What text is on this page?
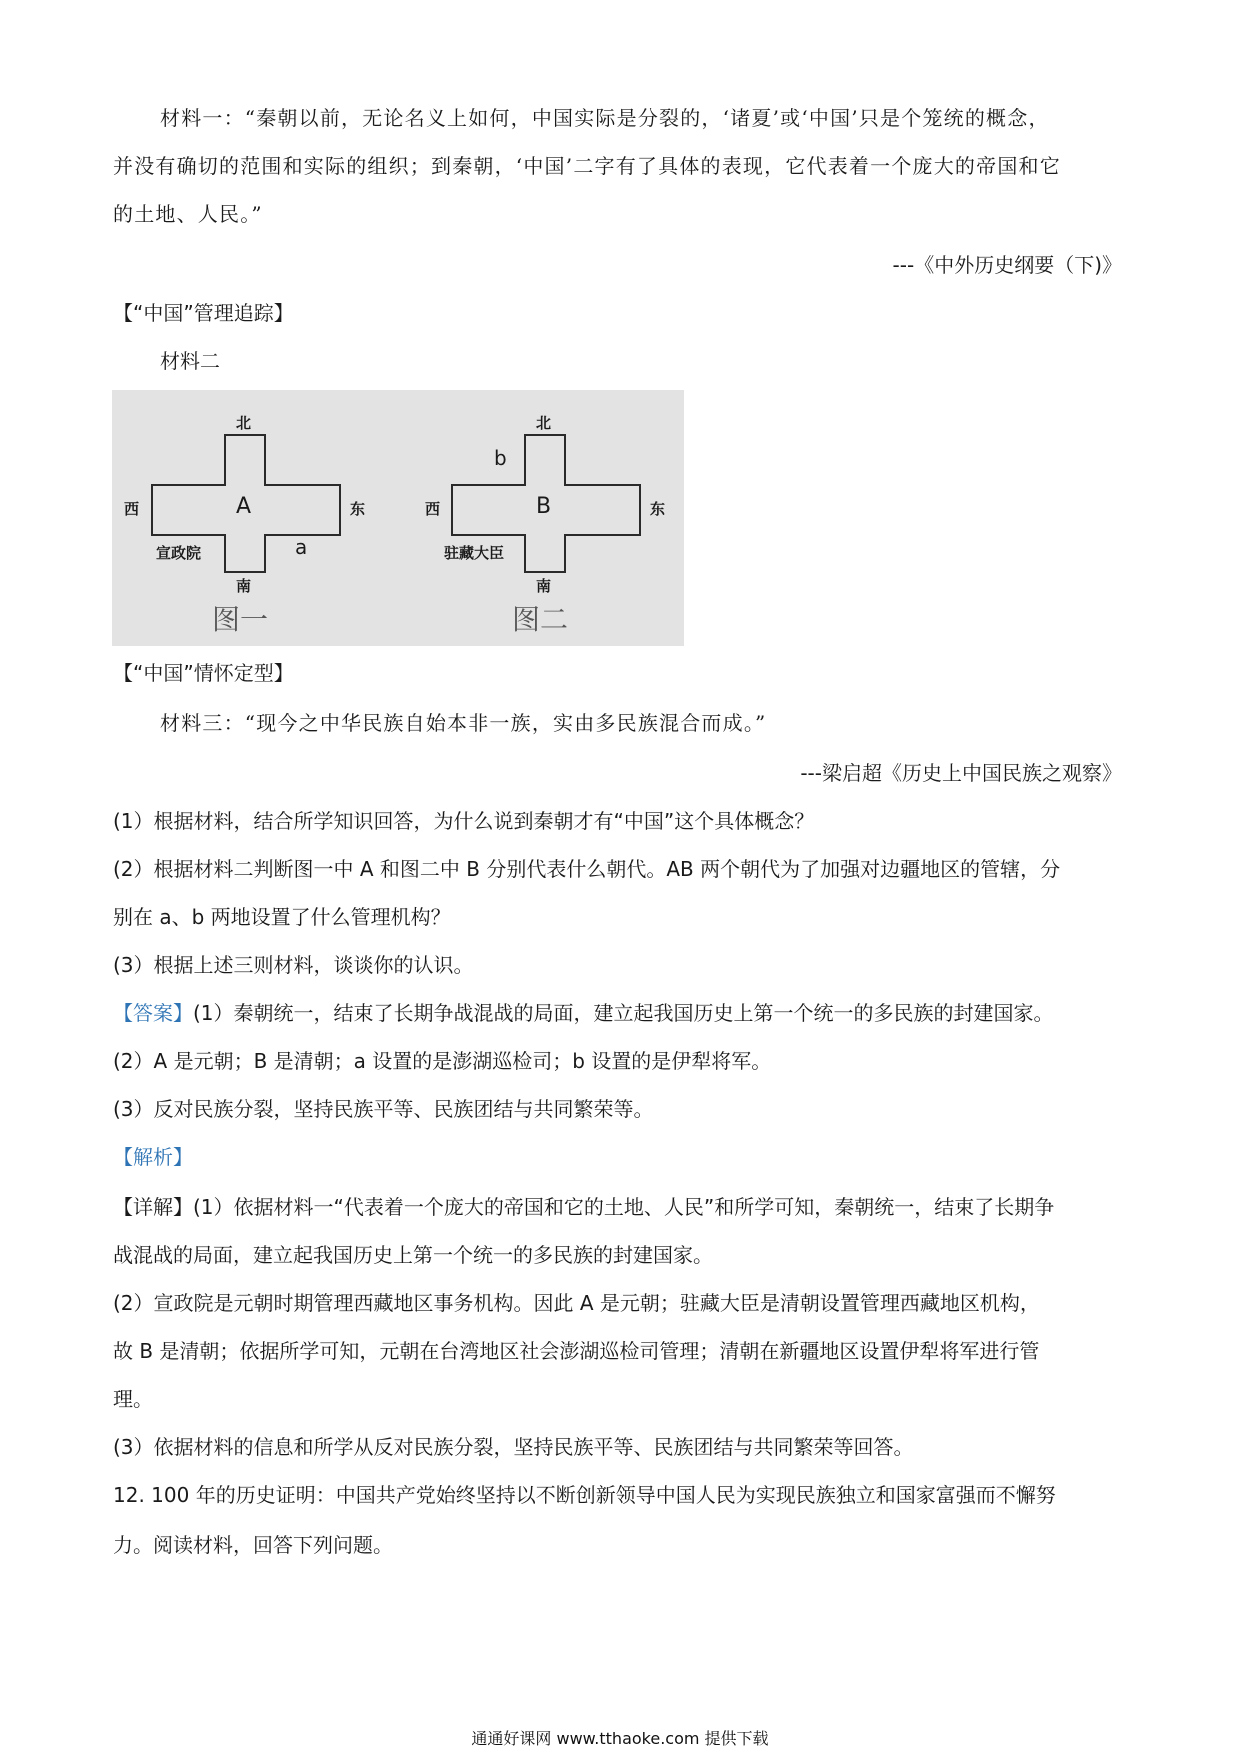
材料一：“秦朝以前，无论名义上如何，中国实际是分裂的，‘诸夏’或‘中国’只是个笼统的概念，
并没有确切的范围和实际的组织；到秦朝，‘中国’二字有了具体的表现，它代表着一个庞大的帝国和它
的土地、人民。”
---《中外历史纲要（下)》
【“中国”管理追踪】
材料二
北
西	东
A
a
宣政院
南
图一
北
b
西	东
B
驻藏大臣
南
图二
【“中国”情怀定型】
材料三：“现今之中华民族自始本非一族，实由多民族混合而成。”
---梁启超《历史上中国民族之观察》
(1）根据材料，结合所学知识回答，为什么说到秦朝才有“中国”这个具体概念？
(2）根据材料二判断图一中 A 和图二中 B 分别代表什么朝代。AB 两个朝代为了加强对边疆地区的管辖，分
别在 a、b 两地设置了什么管理机构？
(3）根据上述三则材料，谈谈你的认识。
【答案】(1）秦朝统一，结束了长期争战混战的局面，建立起我国历史上第一个统一的多民族的封建国家。
(2）A 是元朝；B 是清朝；a 设置的是澎湖巡检司；b 设置的是伊犁将军。
(3）反对民族分裂，坚持民族平等、民族团结与共同繁荣等。
【解析】
【详解】(1）依据材料一“代表着一个庞大的帝国和它的土地、人民”和所学可知，秦朝统一，结束了长期争
战混战的局面，建立起我国历史上第一个统一的多民族的封建国家。
(2）宣政院是元朝时期管理西藏地区事务机构。因此 A 是元朝；驻藏大臣是清朝设置管理西藏地区机构，
故 B 是清朝；依据所学可知，元朝在台湾地区社会澎湖巡检司管理；清朝在新疆地区设置伊犁将军进行管
理。
(3）依据材料的信息和所学从反对民族分裂，坚持民族平等、民族团结与共同繁荣等回答。
12. 100 年的历史证明：中国共产党始终坚持以不断创新领导中国人民为实现民族独立和国家富强而不懈努
力。阅读材料，回答下列问题。
通通好课网 www.tthaoke.com 提供下载
